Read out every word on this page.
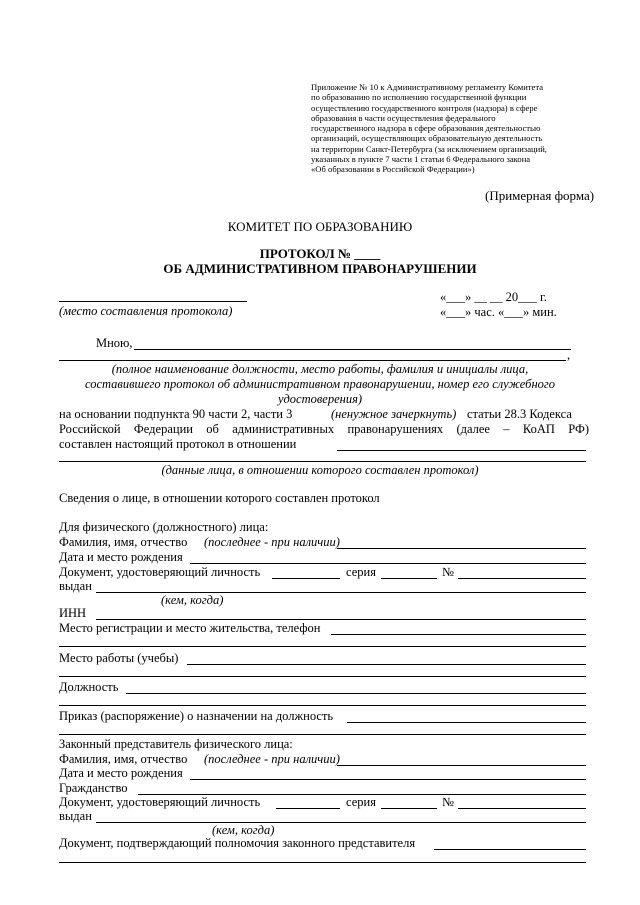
Приложение № 10 к Административному регламенту Комитета
по образованию по исполнению государственной функции
осуществлению государственного контроля (надзора) в сфере
образования в части осуществления федерального
государственного надзора в сфере образования деятельностью
организаций, осуществляющих образовательную деятельность
на территории Санкт-Петербурга (за исключением организаций,
указанных в пункте 7 части 1 статьи 6 Федерального закона
«Об образовании в Российской Федерации»)
(Примерная форма)
КОМИТЕТ ПО ОБРАЗОВАНИЮ
ПРОТОКОЛ № ____
ОБ АДМИНИСТРАТИВНОМ ПРАВОНАРУШЕНИИ
(место составления протокола)
«___» __ __ 20___ г.
«___» час. «___» мин.
Мною,
,
(полное наименование должности, место работы, фамилия и инициалы лица,
составившего протокол об административном правонарушении, номер его служебного
удостоверения)
на основании подпункта 90 части 2, части 3	(ненужное зачеркнуть) статьи 28.3 Кодекса
Российской Федерации об административных правонарушениях (далее – КоАП РФ)
составлен настоящий протокол в отношении
(данные лица, в отношении которого составлен протокол)
Сведения о лице, в отношении которого составлен протокол
Для физического (должностного) лица:
Фамилия, имя, отчество (последнее - при наличии)
Дата и место рождения
Документ, удостоверяющий личность	серия	№
выдан
(кем, когда)
ИНН
Место регистрации и место жительства, телефон
Место работы (учебы)
Должность
Приказ (распоряжение) о назначении на должность
Законный представитель физического лица:
Фамилия, имя, отчество (последнее - при наличии)
Дата и место рождения
Гражданство
Документ, удостоверяющий личность	серия	№
выдан
(кем, когда)
Документ, подтверждающий полномочия законного представителя
